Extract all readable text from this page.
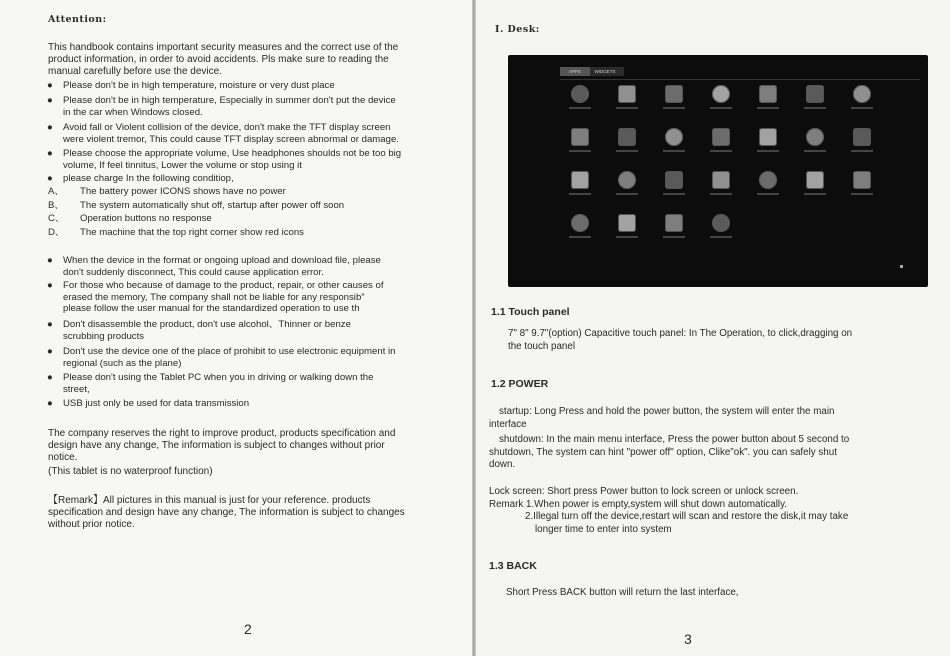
Attention:
This handbook contains important security measures and the correct use of the
product information, in order to avoid accidents. Pls make sure to reading the
manual carefully before use the device.
● Please don't be in high temperature, moisture or very dust place
● Please don't be in high temperature, Especially in summer don't put the device
in the car when Windows closed.
● Avoid fall or Violent collision of the device, don't make the TFT display screen
were violent tremor, This could cause TFT display screen abnormal or damage.
● Please choose the appropriate volume, Use headphones shoulds not be too big
volume, If feel tinnitus, Lower the volume or stop using it
● please charge In the following conditiop,
A、 The battery power ICONS shows have no power
B、 The system automatically shut off, startup after power off soon
C、 Operation buttons no response
D、 The machine that the top right corner show red icons
● When the device in the format or ongoing upload and download file, please
don't suddenly disconnect, This could cause application error.
● For those who because of damage to the product, repair, or other causes of
erased the memory, The company shall not be liable for any responsib”
please follow the user manual for the standardized operation to use th
● Don't disassemble the product, don't use alcohol、Thinner or benze
scrubbing products
● Don't use the device one of the place of prohibit to use electronic equipment in
regional (such as the plane)
● Please don't using the Tablet PC when you in driving or walking down the
street,
● USB just only be used for data transmission
The company reserves the right to improve product, products specification and
design have any change, The information is subject to changes without prior
notice.
(This tablet is no waterproof function)
【Remark】All pictures in this manual is just for your reference. products
specification and design have any change, The information is subject to changes
without prior notice.
2
I. Desk:
APPS	WIDGETS
1.1 Touch panel
7" 8" 9.7"(option) Capacitive touch panel: In The Operation, to click,dragging on
the touch panel
1.2 POWER
startup: Long Press and hold the power button, the system will enter the main
interface
shutdown: In the main menu interface, Press the power button about 5 second to
shutdown, The system can hint "power off" option, Clike"ok". you can safely shut
down.
Lock screen: Short press Power button to lock screen or unlock screen.
Remark 1.When power is empty,system will shut down automatically.
2.Illegal turn off the device,restart will scan and restore the disk,it may take
longer time to enter into system
1.3 BACK
Short Press BACK button will return the last interface,
3
